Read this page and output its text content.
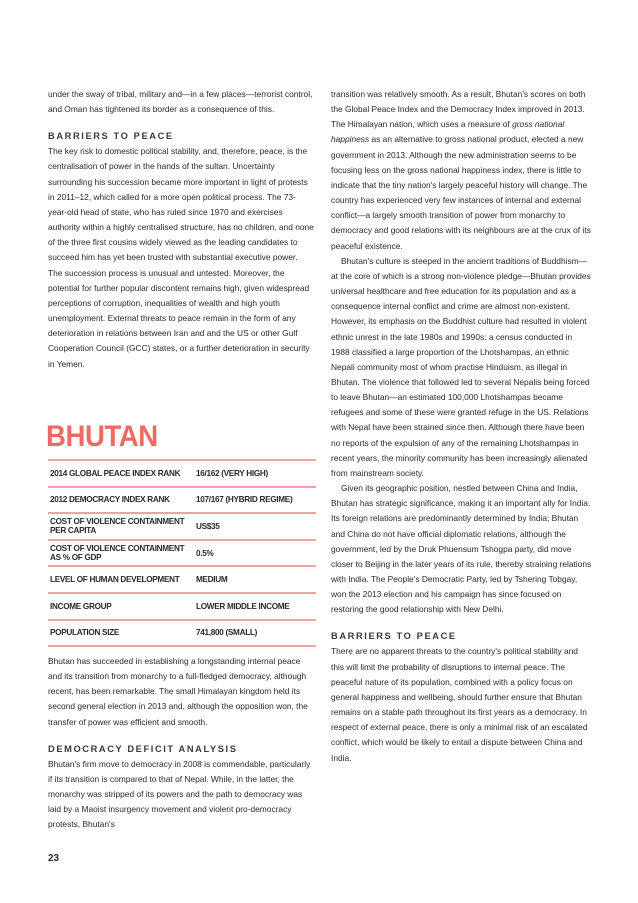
under the sway of tribal, military and—in a few places—terrorist control, and Oman has tightened its border as a consequence of this.

BARRIERS TO PEACE

The key risk to domestic political stability, and, therefore, peace, is the centralisation of power in the hands of the sultan. Uncertainty surrounding his succession became more important in light of protests in 2011–12, which called for a more open political process. The 73-year-old head of state, who has ruled since 1970 and exercises authority within a highly centralised structure, has no children, and none of the three first cousins widely viewed as the leading candidates to succeed him has yet been trusted with substantial executive power. The succession process is unusual and untested. Moreover, the potential for further popular discontent remains high, given widespread perceptions of corruption, inequalities of wealth and high youth unemployment. External threats to peace remain in the form of any deterioration in relations between Iran and and the US or other Gulf Cooperation Council (GCC) states, or a further deterioration in security in Yemen.

BHUTAN
2014 GLOBAL PEACE INDEX RANK	16/162 (VERY HIGH)
2012 DEMOCRACY INDEX RANK	107/167 (HYBRID REGIME)
COST OF VIOLENCE CONTAINMENT PER CAPITA	US$35
COST OF VIOLENCE CONTAINMENT AS % OF GDP	0.5%
LEVEL OF HUMAN DEVELOPMENT	MEDIUM
INCOME GROUP	LOWER MIDDLE INCOME
POPULATION SIZE	741,800 (SMALL)

Bhutan has succeeded in establishing a longstanding internal peace and its transition from monarchy to a full-fledged democracy, although recent, has been remarkable. The small Himalayan kingdom held its second general election in 2013 and, although the opposition won, the transfer of power was efficient and smooth.

DEMOCRACY DEFICIT ANALYSIS

Bhutan's firm move to democracy in 2008 is commendable, particularly if its transition is compared to that of Nepal. While, in the latter, the monarchy was stripped of its powers and the path to democracy was laid by a Maoist insurgency movement and violent pro-democracy protests, Bhutan's

transition was relatively smooth. As a result, Bhutan's scores on both the Global Peace Index and the Democracy Index improved in 2013. The Himalayan nation, which uses a measure of gross national happiness as an alternative to gross national product, elected a new government in 2013. Although the new administration seems to be focusing less on the gross national happiness index, there is little to indicate that the tiny nation's largely peaceful history will change. The country has experienced very few instances of internal and external conflict—a largely smooth transition of power from monarchy to democracy and good relations with its neighbours are at the crux of its peaceful existence.

Bhutan's culture is steeped in the ancient traditions of Buddhism—at the core of which is a strong non-violence pledge—Bhutan provides universal healthcare and free education for its population and as a consequence internal conflict and crime are almost non-existent. However, its emphasis on the Buddhist culture had resulted in violent ethnic unrest in the late 1980s and 1990s: a census conducted in 1988 classified a large proportion of the Lhotshampas, an ethnic Nepali community most of whom practise Hinduism, as illegal in Bhutan. The violence that followed led to several Nepalis being forced to leave Bhutan—an estimated 100,000 Lhotshampas became refugees and some of these were granted refuge in the US. Relations with Nepal have been strained since then. Although there have been no reports of the expulsion of any of the remaining Lhotshampas in recent years, the minority community has been increasingly alienated from mainstream society.

Given its geographic position, nestled between China and India, Bhutan has strategic significance, making it an important ally for India. Its foreign relations are predominantly determined by India; Bhutan and China do not have official diplomatic relations, although the government, led by the Druk Phuensum Tshogpa party, did move closer to Beijing in the later years of its rule, thereby straining relations with India. The People's Democratic Party, led by Tshering Tobgay, won the 2013 election and his campaign has since focused on restoring the good relationship with New Delhi.

BARRIERS TO PEACE

There are no apparent threats to the country's political stability and this will limit the probability of disruptions to internal peace. The peaceful nature of its population, combined with a policy focus on general happiness and wellbeing, should further ensure that Bhutan remains on a stable path throughout its first years as a democracy. In respect of external peace, there is only a minimal risk of an escalated conflict, which would be likely to entail a dispute between China and India.

23
